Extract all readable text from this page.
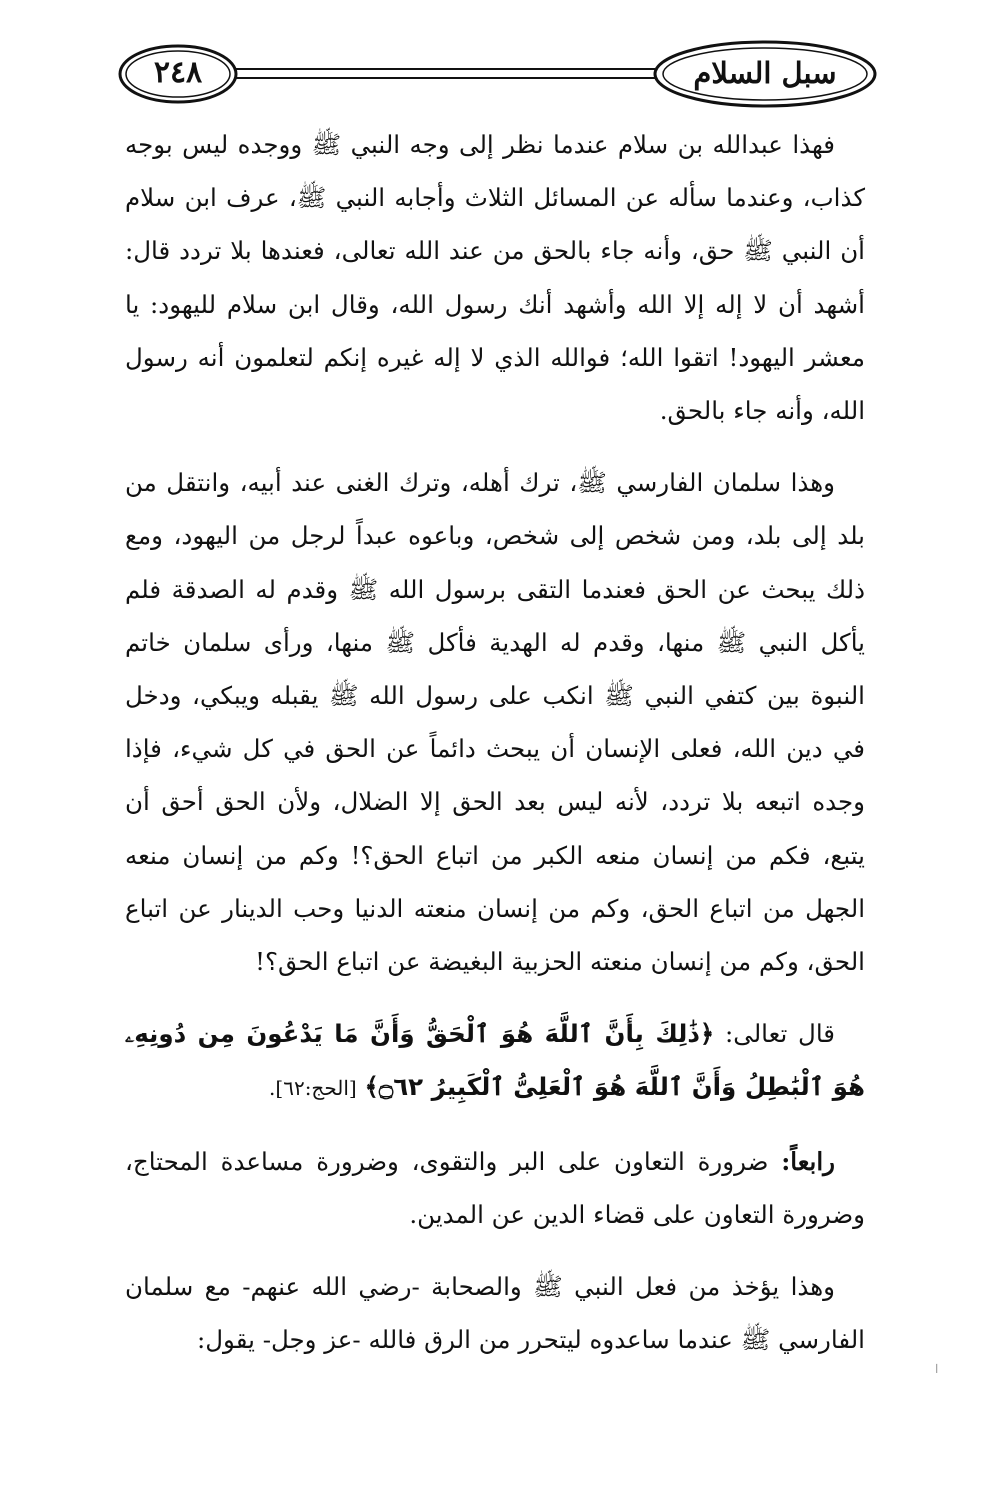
٢٤٨	سبل السلام

فهذا عبدالله بن سلام عندما نظر إلى وجه النبي ﷺ ووجده ليس بوجه كذاب، وعندما سأله عن المسائل الثلاث وأجابه النبي ﷺ، عرف ابن سلام أن النبي ﷺ حق، وأنه جاء بالحق من عند الله تعالى، فعندها بلا تردد قال: أشهد أن لا إله إلا الله وأشهد أنك رسول الله، وقال ابن سلام لليهود: يا معشر اليهود! اتقوا الله؛ فوالله الذي لا إله غيره إنكم لتعلمون أنه رسول الله، وأنه جاء بالحق.

وهذا سلمان الفارسي ﷺ، ترك أهله، وترك الغنى عند أبيه، وانتقل من بلد إلى بلد، ومن شخص إلى شخص، وباعوه عبداً لرجل من اليهود، ومع ذلك يبحث عن الحق فعندما التقى برسول الله ﷺ وقدم له الصدقة فلم يأكل النبي ﷺ منها، وقدم له الهدية فأكل ﷺ منها، ورأى سلمان خاتم النبوة بين كتفي النبي ﷺ انكب على رسول الله ﷺ يقبله ويبكي، ودخل في دين الله، فعلى الإنسان أن يبحث دائماً عن الحق في كل شيء، فإذا وجده اتبعه بلا تردد، لأنه ليس بعد الحق إلا الضلال، ولأن الحق أحق أن يتبع، فكم من إنسان منعه الكبر من اتباع الحق؟! وكم من إنسان منعه الجهل من اتباع الحق، وكم من إنسان منعته الدنيا وحب الدينار عن اتباع الحق، وكم من إنسان منعته الحزبية البغيضة عن اتباع الحق؟!

قال تعالى: ﴿ذَٰلِكَ بِأَنَّ ٱللَّهَ هُوَ ٱلْحَقُّ وَأَنَّ مَا يَدْعُونَ مِن دُونِهِۦ هُوَ ٱلْبَٰطِلُ وَأَنَّ ٱللَّهَ هُوَ ٱلْعَلِىُّ ٱلْكَبِيرُ ۝٦٢﴾ [الحج:٦٢].

رابعاً: ضرورة التعاون على البر والتقوى، وضرورة مساعدة المحتاج، وضرورة التعاون على قضاء الدين عن المدين.

وهذا يؤخذ من فعل النبي ﷺ والصحابة -رضي الله عنهم- مع سلمان الفارسي ﷺ عندما ساعدوه ليتحرر من الرق فالله -عز وجل- يقول:

ا
